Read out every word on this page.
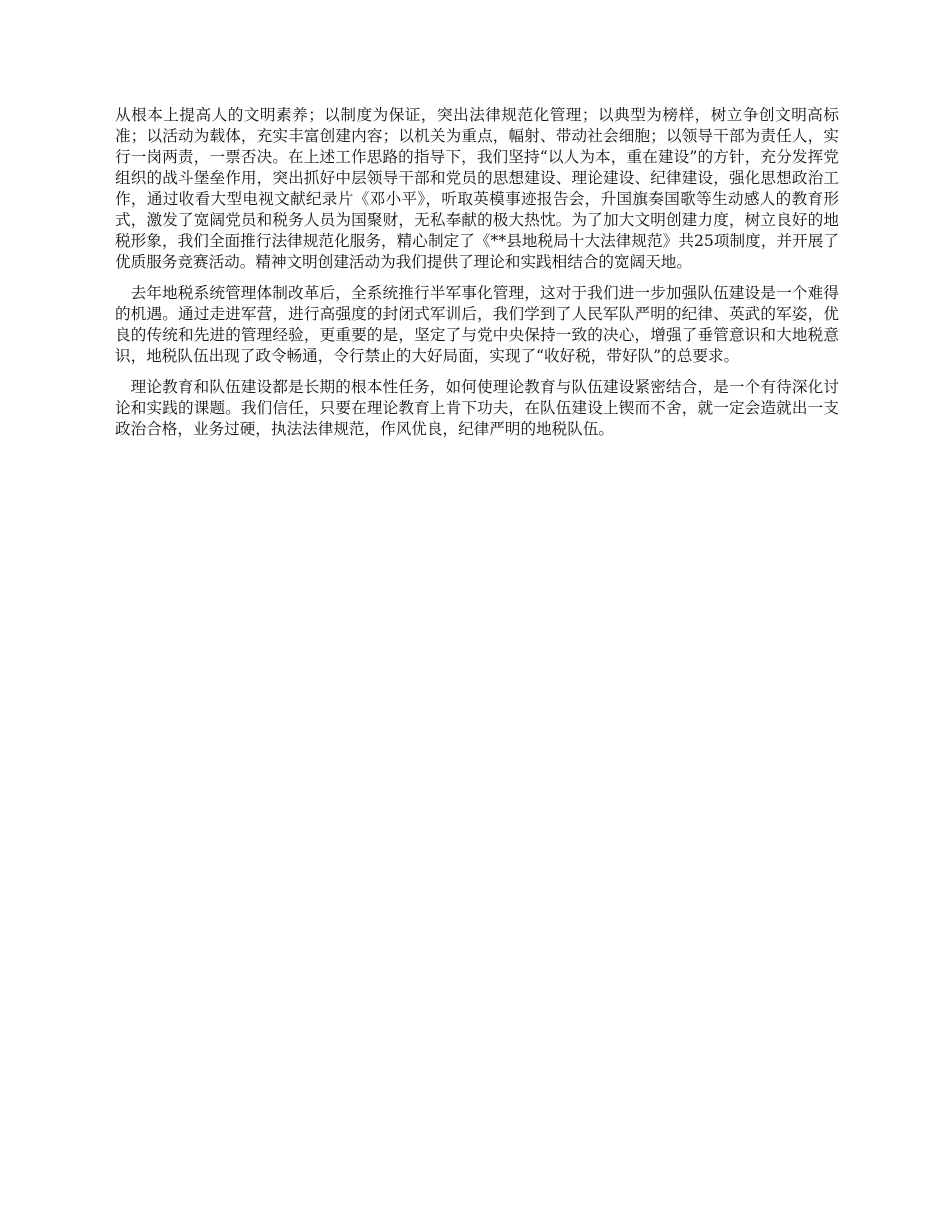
从根本上提高人的文明素养；以制度为保证，突出法律规范化管理；以典型为榜样，树立争创文明高标准；以活动为载体，充实丰富创建内容；以机关为重点，幅射、带动社会细胞；以领导干部为责任人，实行一岗两责，一票否决。在上述工作思路的指导下，我们坚持“以人为本，重在建设”的方针，充分发挥党组织的战斗堡垒作用，突出抓好中层领导干部和党员的思想建设、理论建设、纪律建设，强化思想政治工作，通过收看大型电视文献纪录片《邓小平》，听取英模事迹报告会，升国旗奏国歌等生动感人的教育形式，激发了宽阔党员和税务人员为国聚财，无私奉献的极大热忱。为了加大文明创建力度，树立良好的地税形象，我们全面推行法律规范化服务，精心制定了《**县地税局十大法律规范》共25项制度，并开展了优质服务竞赛活动。精神文明创建活动为我们提供了理论和实践相结合的宽阔天地。

去年地税系统管理体制改革后，全系统推行半军事化管理，这对于我们进一步加强队伍建设是一个难得的机遇。通过走进军营，进行高强度的封闭式军训后，我们学到了人民军队严明的纪律、英武的军姿，优良的传统和先进的管理经验，更重要的是，坚定了与党中央保持一致的决心，增强了垂管意识和大地税意识，地税队伍出现了政令畅通，令行禁止的大好局面，实现了“收好税，带好队”的总要求。

理论教育和队伍建设都是长期的根本性任务，如何使理论教育与队伍建设紧密结合，是一个有待深化讨论和实践的课题。我们信任，只要在理论教育上肯下功夫，在队伍建设上锲而不舍，就一定会造就出一支政治合格，业务过硬，执法法律规范，作风优良，纪律严明的地税队伍。
